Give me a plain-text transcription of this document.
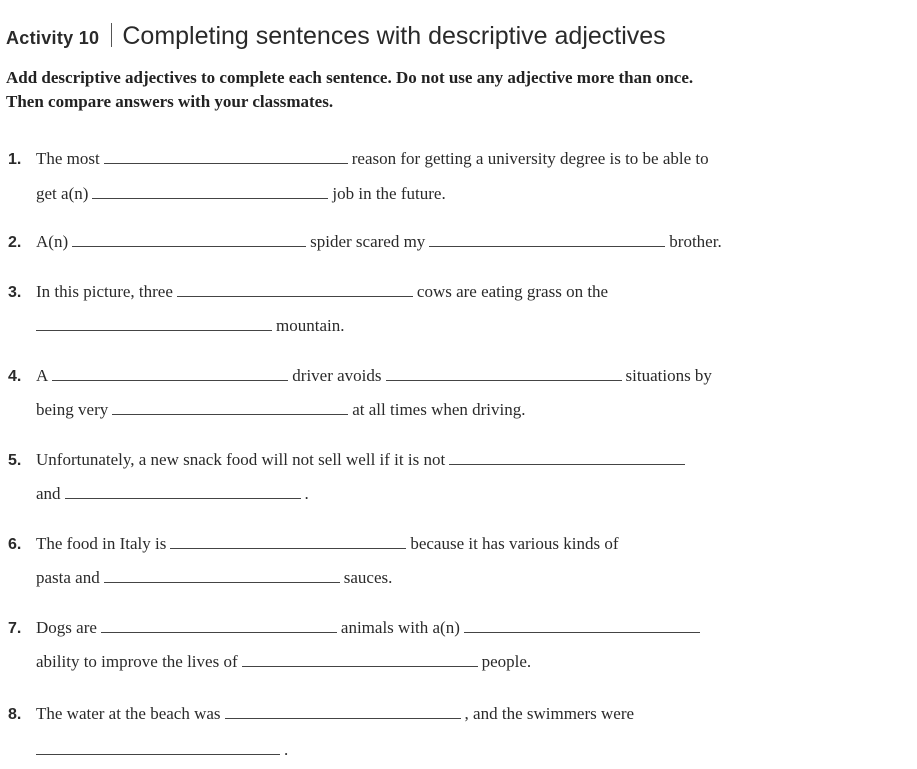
Activity 10 Completing sentences with descriptive adjectives
Add descriptive adjectives to complete each sentence. Do not use any adjective more than once.
Then compare answers with your classmates.
1. The most	reason for getting a university degree is to be able to
get a(n)	job in the future.
2. A(n)	spider scared my	brother.
3. In this picture, three	cows are eating grass on the
mountain.
4. A	driver avoids	situations by
being very	at all times when driving.
5. Unfortunately, a new snack food will not sell well if it is not
and	.
6. The food in Italy is	because it has various kinds of
pasta and	sauces.
7. Dogs are	animals with a(n)
ability to improve the lives of	people.
8. The water at the beach was	, and the swimmers were
.
